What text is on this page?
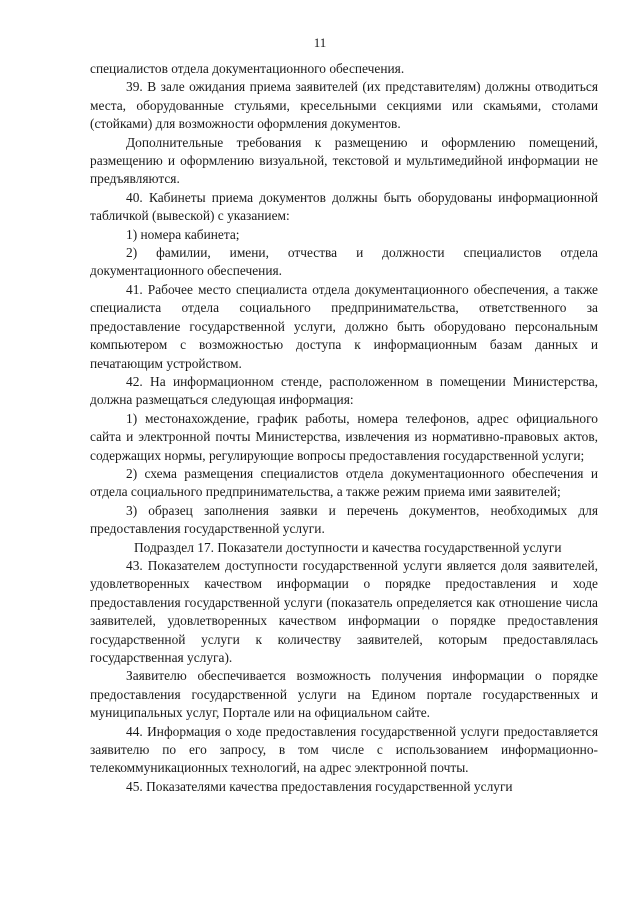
11

специалистов отдела документационного обеспечения.

39. В зале ожидания приема заявителей (их представителям) должны отводиться места, оборудованные стульями, кресельными секциями или скамьями, столами (стойками) для возможности оформления документов.

Дополнительные требования к размещению и оформлению помещений, размещению и оформлению визуальной, текстовой и мультимедийной информации не предъявляются.

40. Кабинеты приема документов должны быть оборудованы информационной табличкой (вывеской) с указанием:

1) номера кабинета;

2) фамилии, имени, отчества и должности специалистов отдела документационного обеспечения.

41. Рабочее место специалиста отдела документационного обеспечения, а также специалиста отдела социального предпринимательства, ответственного за предоставление государственной услуги, должно быть оборудовано персональным компьютером с возможностью доступа к информационным базам данных и печатающим устройством.

42. На информационном стенде, расположенном в помещении Министерства, должна размещаться следующая информация:

1) местонахождение, график работы, номера телефонов, адрес официального сайта и электронной почты Министерства, извлечения из нормативно-правовых актов, содержащих нормы, регулирующие вопросы предоставления государственной услуги;

2) схема размещения специалистов отдела документационного обеспечения и отдела социального предпринимательства, а также режим приема ими заявителей;

3) образец заполнения заявки и перечень документов, необходимых для предоставления государственной услуги.

Подраздел 17. Показатели доступности и качества государственной услуги

43. Показателем доступности государственной услуги является доля заявителей, удовлетворенных качеством информации о порядке предоставления и ходе предоставления государственной услуги (показатель определяется как отношение числа заявителей, удовлетворенных качеством информации о порядке предоставления государственной услуги к количеству заявителей, которым предоставлялась государственная услуга).

Заявителю обеспечивается возможность получения информации о порядке предоставления государственной услуги на Едином портале государственных и муниципальных услуг, Портале или на официальном сайте.

44. Информация о ходе предоставления государственной услуги предоставляется заявителю по его запросу, в том числе с использованием информационно-телекоммуникационных технологий, на адрес электронной почты.

45. Показателями качества предоставления государственной услуги
